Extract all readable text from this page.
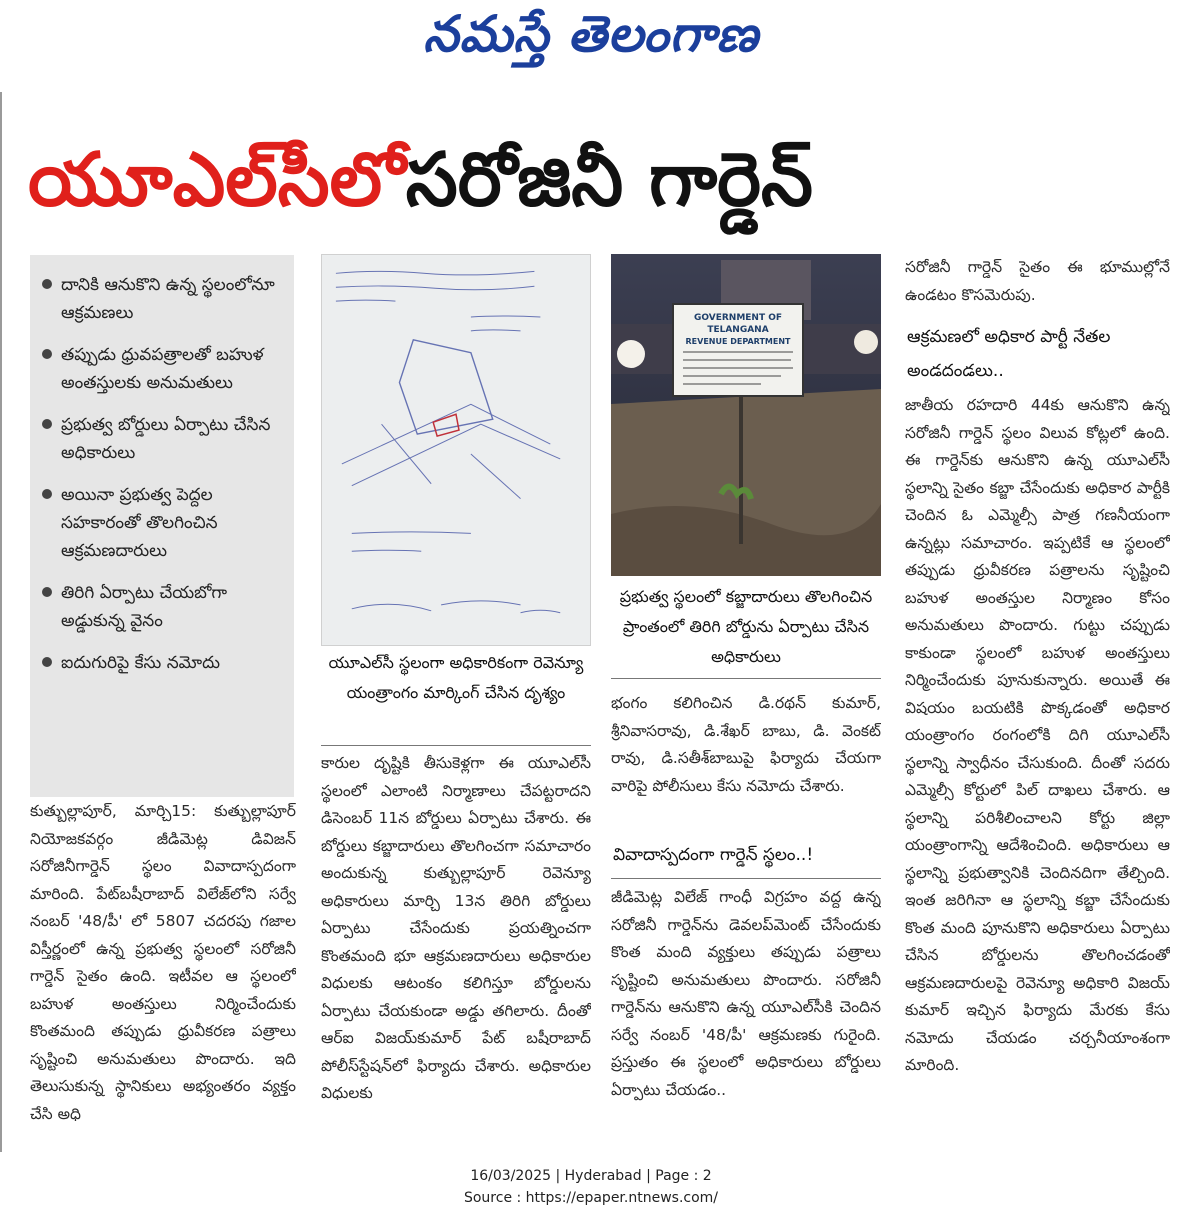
నమస్తే తెలంగాణ
యూఎల్‌సీలో సరోజినీ గార్డెన్
దానికి ఆనుకొని ఉన్న స్థలంలోనూ ఆక్రమణలు
తప్పుడు ధ్రువపత్రాలతో బహుళ అంతస్తులకు అనుమతులు
ప్రభుత్వ బోర్డులు ఏర్పాటు చేసిన అధికారులు
అయినా ప్రభుత్వ పెద్దల సహకారంతో తొలగించిన ఆక్రమణదారులు
తిరిగి ఏర్పాటు చేయబోగా అడ్డుకున్న వైనం
ఐదుగురిపై కేసు నమోదు

కుత్బుల్లాపూర్, మార్చి15: కుత్బుల్లాపూర్ నియోజకవర్గం జీడిమెట్ల డివిజన్ సరోజినీగార్డెన్ స్థలం వివాదాస్పదంగా మారింది. పేట్‌బషీరాబాద్ విలేజ్‌లోని సర్వే నంబర్ '48/పీ' లో 5807 చదరపు గజాల విస్తీర్ణంలో ఉన్న ప్రభుత్వ స్థలంలో సరోజినీ గార్డెన్ సైతం ఉంది. ఇటీవల ఆ స్థలంలో బహుళ అంతస్తులు నిర్మించేందుకు కొంతమంది తప్పుడు ధ్రువీకరణ పత్రాలు సృష్టించి అనుమతులు పొందారు. ఇది తెలుసుకున్న స్థానికులు అభ్యంతరం వ్యక్తం చేసి అధి

యూఎల్‌సీ స్థలంగా అధికారికంగా రెవెన్యూ యంత్రాంగం మార్కింగ్ చేసిన దృశ్యం

కారుల దృష్టికి తీసుకెళ్లగా ఈ యూఎల్‌సీ స్థలంలో ఎలాంటి నిర్మాణాలు చేపట్టరాదని డిసెంబర్ 11న బోర్డులు ఏర్పాటు చేశారు. ఈ బోర్డులు కబ్జాదారులు తొలగించగా సమాచారం అందుకున్న కుత్బుల్లాపూర్ రెవెన్యూ అధికారులు మార్చి 13న తిరిగి బోర్డులు ఏర్పాటు చేసేందుకు ప్రయత్నించగా కొంతమంది భూ ఆక్రమణదారులు అధికారుల విధులకు ఆటంకం కలిగిస్తూ బోర్డులను ఏర్పాటు చేయకుండా అడ్డు తగిలారు. దీంతో ఆర్‌ఐ విజయ్‌కుమార్ పేట్ బషీరాబాద్ పోలీస్‌స్టేషన్‌లో ఫిర్యాదు చేశారు. అధికారుల విధులకు

GOVERNMENT OF
TELANGANA
REVENUE DEPARTMENT
ప్రభుత్వ స్థలంలో కబ్జాదారులు తొలగించిన ప్రాంతంలో తిరిగి బోర్డును ఏర్పాటు చేసిన అధికారులు

భంగం కలిగించిన డి.రథన్ కుమార్, శ్రీనివాసరావు, డి.శేఖర్ బాబు, డి. వెంకట్ రావు, డి.సతీశ్‌బాబుపై ఫిర్యాదు చేయగా వారిపై పోలీసులు కేసు నమోదు చేశారు.

వివాదాస్పదంగా గార్డెన్ స్థలం..!

జీడిమెట్ల విలేజ్ గాంధీ విగ్రహం వద్ద ఉన్న సరోజినీ గార్డెన్‌ను డెవలప్‌మెంట్ చేసేందుకు కొంత మంది వ్యక్తులు తప్పుడు పత్రాలు సృష్టించి అనుమతులు పొందారు. సరోజినీ గార్డెన్‌ను ఆనుకొని ఉన్న యూఎల్‌సీకి చెందిన సర్వే నంబర్ '48/పీ' ఆక్రమణకు గురైంది. ప్రస్తుతం ఈ స్థలంలో అధికారులు బోర్డులు ఏర్పాటు చేయడం..

సరోజినీ గార్డెన్ సైతం ఈ భూముల్లోనే ఉండటం కొసమెరుపు.

ఆక్రమణలో అధికార పార్టీ నేతల అండదండలు..

జాతీయ రహదారి 44కు ఆనుకొని ఉన్న సరోజినీ గార్డెన్ స్థలం విలువ కోట్లలో ఉంది. ఈ గార్డెన్‌కు ఆనుకొని ఉన్న యూఎల్‌సీ స్థలాన్ని సైతం కబ్జా చేసేందుకు అధికార పార్టీకి చెందిన ఓ ఎమ్మెల్సీ పాత్ర గణనీయంగా ఉన్నట్లు సమాచారం. ఇప్పటికే ఆ స్థలంలో తప్పుడు ధ్రువీకరణ పత్రాలను సృష్టించి బహుళ అంతస్తుల నిర్మాణం కోసం అనుమతులు పొందారు. గుట్టు చప్పుడు కాకుండా స్థలంలో బహుళ అంతస్తులు నిర్మించేందుకు పూనుకున్నారు. అయితే ఈ విషయం బయటికి పొక్కడంతో అధికార యంత్రాంగం రంగంలోకి దిగి యూఎల్‌సీ స్థలాన్ని స్వాధీనం చేసుకుంది. దీంతో సదరు ఎమ్మెల్సీ కోర్టులో పిల్ దాఖలు చేశారు. ఆ స్థలాన్ని పరిశీలించాలని కోర్టు జిల్లా యంత్రాంగాన్ని ఆదేశించింది. అధికారులు ఆ స్థలాన్ని ప్రభుత్వానికి చెందినదిగా తేల్చింది. ఇంత జరిగినా ఆ స్థలాన్ని కబ్జా చేసేందుకు కొంత మంది పూనుకొని అధికారులు ఏర్పాటు చేసిన బోర్డులను తొలగించడంతో ఆక్రమణదారులపై రెవెన్యూ అధికారి విజయ్ కుమార్ ఇచ్చిన ఫిర్యాదు మేరకు కేసు నమోదు చేయడం చర్చనీయాంశంగా మారింది.

16/03/2025 | Hyderabad | Page : 2
Source : https://epaper.ntnews.com/
